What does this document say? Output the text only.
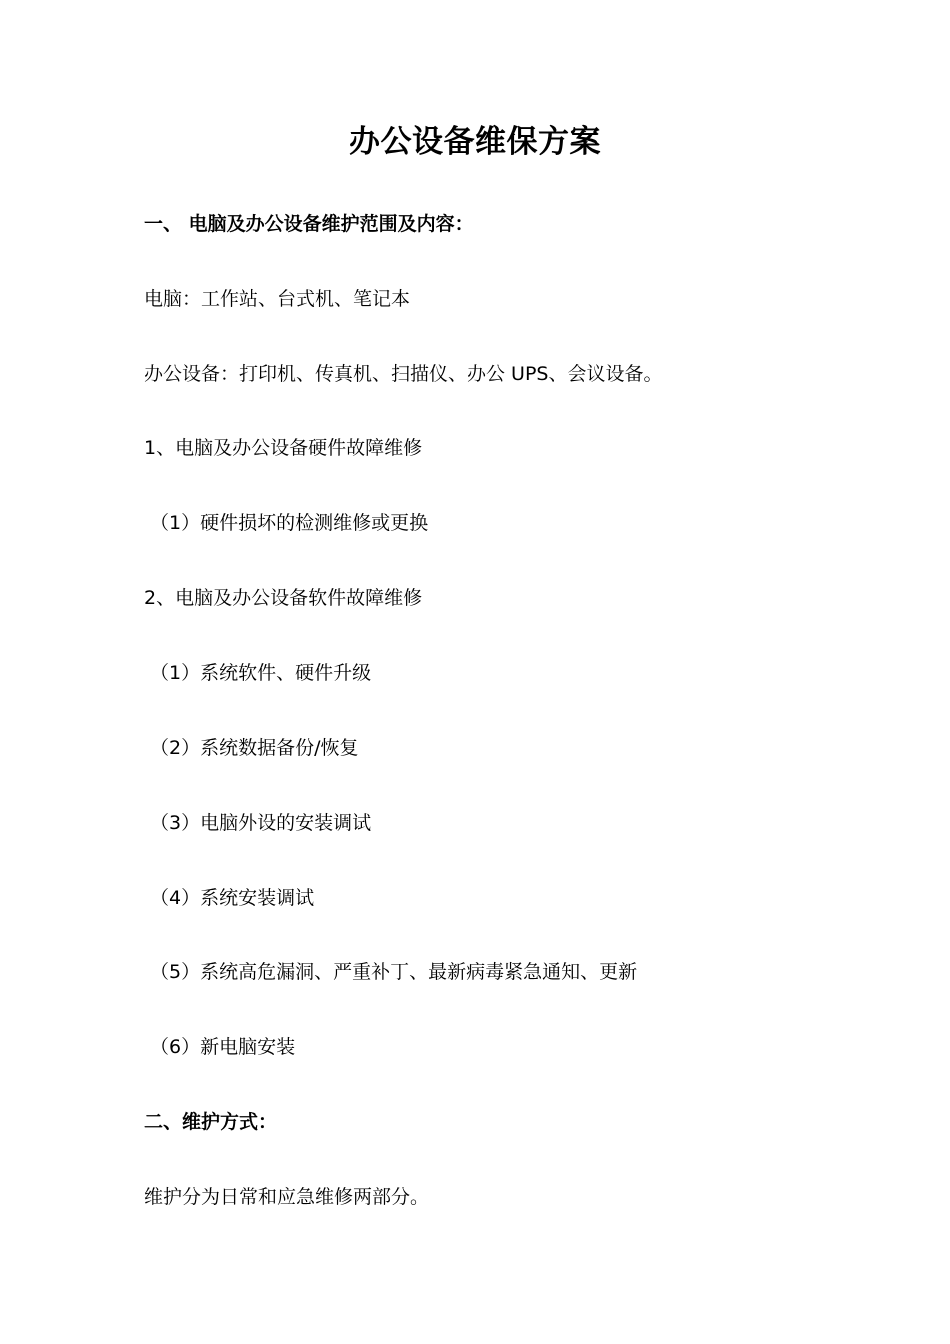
办公设备维保方案
一、 电脑及办公设备维护范围及内容：
电脑：工作站、台式机、笔记本
办公设备：打印机、传真机、扫描仪、办公 UPS、会议设备。
1、电脑及办公设备硬件故障维修
（1）硬件损坏的检测维修或更换
2、电脑及办公设备软件故障维修
（1）系统软件、硬件升级
（2）系统数据备份/恢复
（3）电脑外设的安装调试
（4）系统安装调试
（5）系统高危漏洞、严重补丁、最新病毒紧急通知、更新
（6）新电脑安装
二、维护方式：
维护分为日常和应急维修两部分。
